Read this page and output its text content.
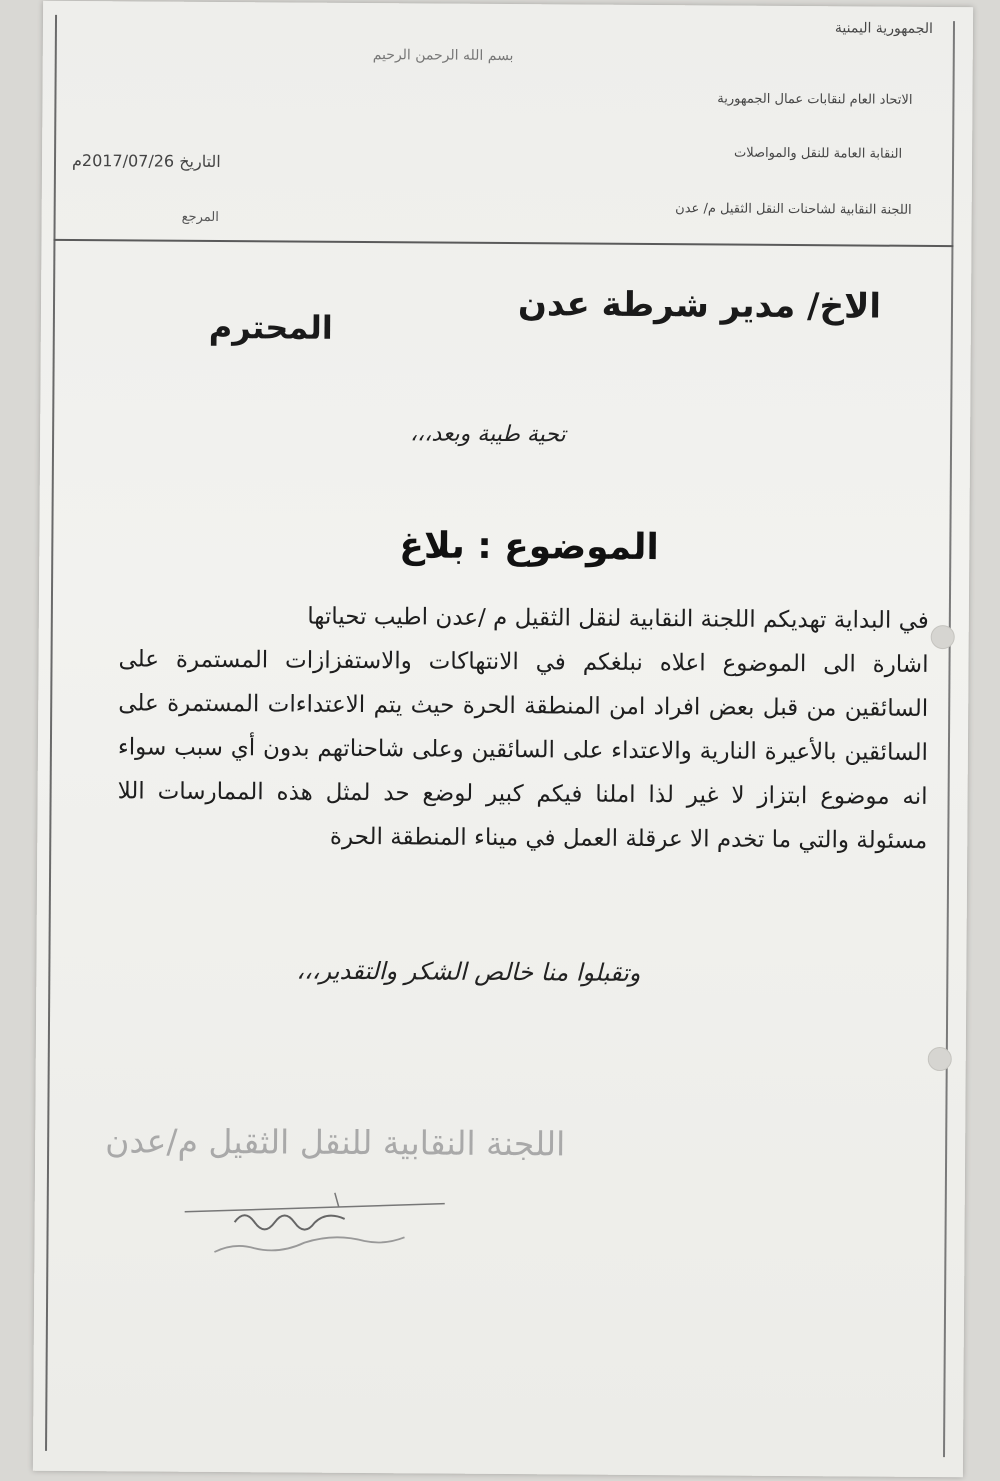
الجمهورية اليمنية
بسم الله الرحمن الرحيم
الاتحاد العام لنقابات عمال الجمهورية
النقابة العامة للنقل والمواصلات
اللجنة النقابية لشاحنات النقل الثقيل م/ عدن
التاريخ 2017/07/26م
المرجع
الاخ/ مدير شرطة عدن
المحترم
تحية طيبة وبعد،،،
الموضوع : بلاغ

في البداية تهديكم اللجنة النقابية لنقل الثقيل م /عدن اطيب تحياتها

اشارة الى الموضوع اعلاه نبلغكم في الانتهاكات والاستفزازات المستمرة على السائقين من قبل بعض افراد امن المنطقة الحرة حيث يتم الاعتداءات المستمرة على السائقين بالأعيرة النارية والاعتداء على السائقين وعلى شاحناتهم بدون أي سبب سواء انه موضوع ابتزاز لا غير لذا املنا فيكم كبير لوضع حد لمثل هذه الممارسات اللا مسئولة والتي ما تخدم الا عرقلة العمل في ميناء المنطقة الحرة

وتقبلوا منا خالص الشكر والتقدير،،،
اللجنة النقابية للنقل الثقيل م/عدن
